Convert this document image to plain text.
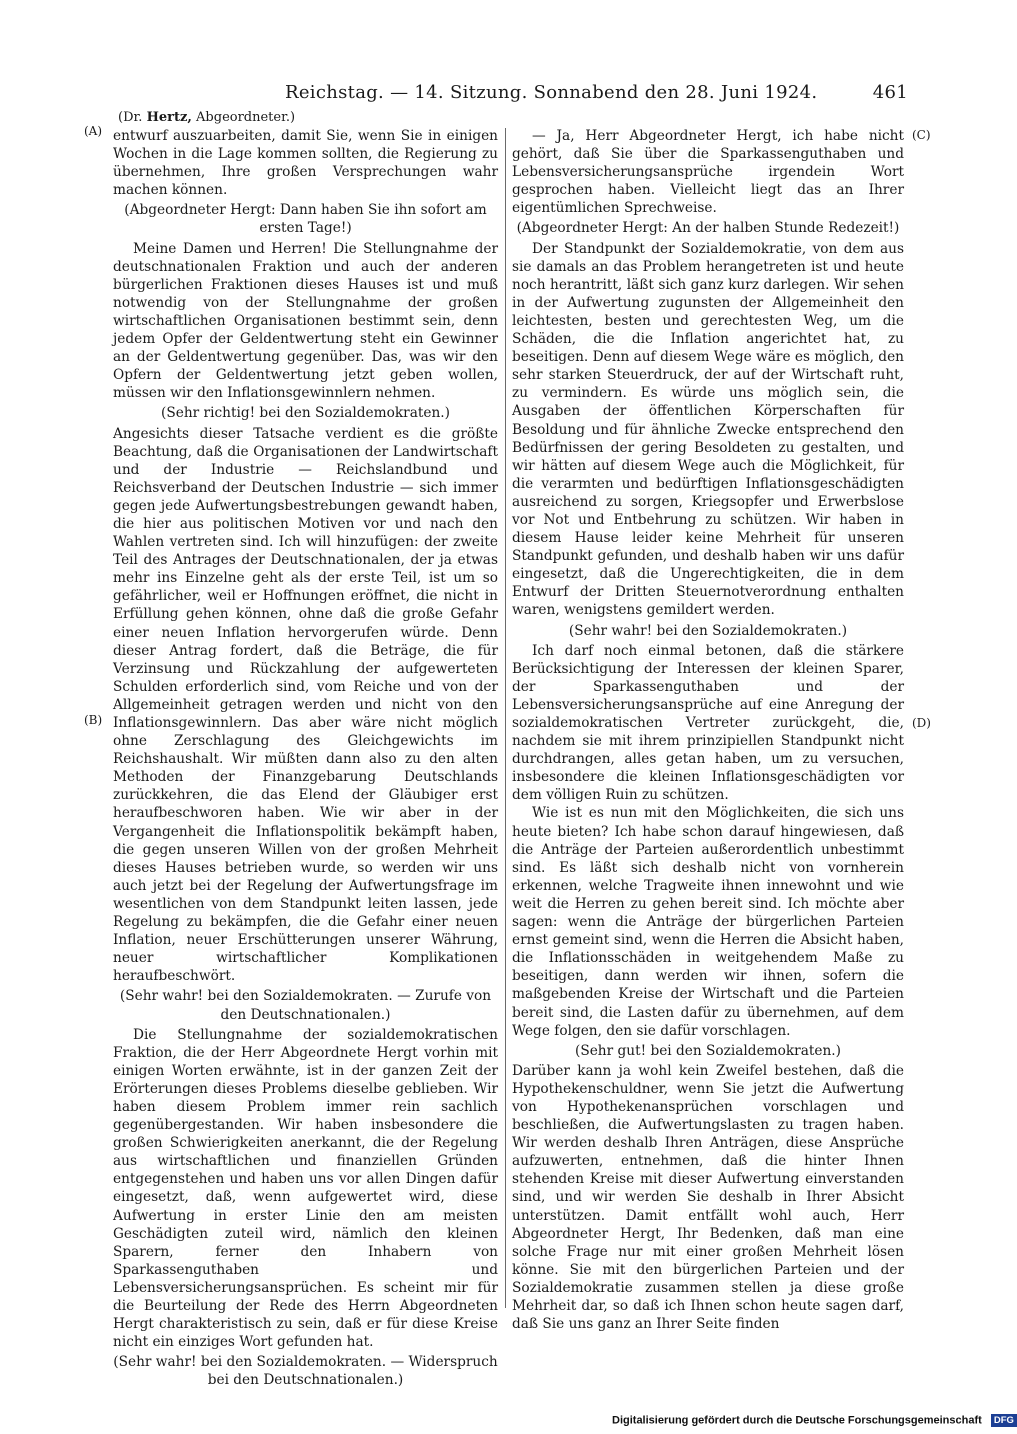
Reichstag. — 14. Sitzung. Sonnabend den 28. Juni 1924.	461
(Dr. Hertz, Abgeordneter.)
(A)
(B)
(C)
(D)

entwurf auszuarbeiten, damit Sie, wenn Sie in einigen Wochen in die Lage kommen sollten, die Regierung zu übernehmen, Ihre großen Versprechungen wahr machen können.

(Abgeordneter Hergt: Dann haben Sie ihn sofort am ersten Tage!)

Meine Damen und Herren! Die Stellungnahme der deutschnationalen Fraktion und auch der anderen bürgerlichen Fraktionen dieses Hauses ist und muß notwendig von der Stellungnahme der großen wirtschaftlichen Organisationen bestimmt sein, denn jedem Opfer der Geldentwertung steht ein Gewinner an der Geldentwertung gegenüber. Das, was wir den Opfern der Geldentwertung jetzt geben wollen, müssen wir den Inflationsgewinnlern nehmen.

(Sehr richtig! bei den Sozialdemokraten.)

Angesichts dieser Tatsache verdient es die größte Beachtung, daß die Organisationen der Landwirtschaft und der Industrie — Reichslandbund und Reichsverband der Deutschen Industrie — sich immer gegen jede Aufwertungsbestrebungen gewandt haben, die hier aus politischen Motiven vor und nach den Wahlen vertreten sind. Ich will hinzufügen: der zweite Teil des Antrages der Deutschnationalen, der ja etwas mehr ins Einzelne geht als der erste Teil, ist um so gefährlicher, weil er Hoffnungen eröffnet, die nicht in Erfüllung gehen können, ohne daß die große Gefahr einer neuen Inflation hervorgerufen würde. Denn dieser Antrag fordert, daß die Beträge, die für Verzinsung und Rückzahlung der aufgewerteten Schulden erforderlich sind, vom Reiche und von der Allgemeinheit getragen werden und nicht von den Inflationsgewinnlern. Das aber wäre nicht möglich ohne Zerschlagung des Gleichgewichts im Reichshaushalt. Wir müßten dann also zu den alten Methoden der Finanzgebarung Deutschlands zurückkehren, die das Elend der Gläubiger erst heraufbeschworen haben. Wie wir aber in der Vergangenheit die Inflationspolitik bekämpft haben, die gegen unseren Willen von der großen Mehrheit dieses Hauses betrieben wurde, so werden wir uns auch jetzt bei der Regelung der Aufwertungsfrage im wesentlichen von dem Standpunkt leiten lassen, jede Regelung zu bekämpfen, die die Gefahr einer neuen Inflation, neuer Erschütterungen unserer Währung, neuer wirtschaftlicher Komplikationen heraufbeschwört.

(Sehr wahr! bei den Sozialdemokraten. — Zurufe von den Deutschnationalen.)

Die Stellungnahme der sozialdemokratischen Fraktion, die der Herr Abgeordnete Hergt vorhin mit einigen Worten erwähnte, ist in der ganzen Zeit der Erörterungen dieses Problems dieselbe geblieben. Wir haben diesem Problem immer rein sachlich gegenübergestanden. Wir haben insbesondere die großen Schwierigkeiten anerkannt, die der Regelung aus wirtschaftlichen und finanziellen Gründen entgegenstehen und haben uns vor allen Dingen dafür eingesetzt, daß, wenn aufgewertet wird, diese Aufwertung in erster Linie den am meisten Geschädigten zuteil wird, nämlich den kleinen Sparern, ferner den Inhabern von Sparkassenguthaben und Lebensversicherungsansprüchen. Es scheint mir für die Beurteilung der Rede des Herrn Abgeordneten Hergt charakteristisch zu sein, daß er für diese Kreise nicht ein einziges Wort gefunden hat.

(Sehr wahr! bei den Sozialdemokraten. — Widerspruch bei den Deutschnationalen.)

— Ja, Herr Abgeordneter Hergt, ich habe nicht gehört, daß Sie über die Sparkassenguthaben und Lebensversicherungsansprüche irgendein Wort gesprochen haben. Vielleicht liegt das an Ihrer eigentümlichen Sprechweise.

(Abgeordneter Hergt: An der halben Stunde Redezeit!)

Der Standpunkt der Sozialdemokratie, von dem aus sie damals an das Problem herangetreten ist und heute noch herantritt, läßt sich ganz kurz darlegen. Wir sehen in der Aufwertung zugunsten der Allgemeinheit den leichtesten, besten und gerechtesten Weg, um die Schäden, die die Inflation angerichtet hat, zu beseitigen. Denn auf diesem Wege wäre es möglich, den sehr starken Steuerdruck, der auf der Wirtschaft ruht, zu vermindern. Es würde uns möglich sein, die Ausgaben der öffentlichen Körperschaften für Besoldung und für ähnliche Zwecke entsprechend den Bedürfnissen der gering Besoldeten zu gestalten, und wir hätten auf diesem Wege auch die Möglichkeit, für die verarmten und bedürftigen Inflationsgeschädigten ausreichend zu sorgen, Kriegsopfer und Erwerbslose vor Not und Entbehrung zu schützen. Wir haben in diesem Hause leider keine Mehrheit für unseren Standpunkt gefunden, und deshalb haben wir uns dafür eingesetzt, daß die Ungerechtigkeiten, die in dem Entwurf der Dritten Steuernotverordnung enthalten waren, wenigstens gemildert werden.

(Sehr wahr! bei den Sozialdemokraten.)

Ich darf noch einmal betonen, daß die stärkere Berücksichtigung der Interessen der kleinen Sparer, der Sparkassenguthaben und der Lebensversicherungsansprüche auf eine Anregung der sozialdemokratischen Vertreter zurückgeht, die, nachdem sie mit ihrem prinzipiellen Standpunkt nicht durchdrangen, alles getan haben, um zu versuchen, insbesondere die kleinen Inflationsgeschädigten vor dem völligen Ruin zu schützen.

Wie ist es nun mit den Möglichkeiten, die sich uns heute bieten? Ich habe schon darauf hingewiesen, daß die Anträge der Parteien außerordentlich unbestimmt sind. Es läßt sich deshalb nicht von vornherein erkennen, welche Tragweite ihnen innewohnt und wie weit die Herren zu gehen bereit sind. Ich möchte aber sagen: wenn die Anträge der bürgerlichen Parteien ernst gemeint sind, wenn die Herren die Absicht haben, die Inflationsschäden in weitgehendem Maße zu beseitigen, dann werden wir ihnen, sofern die maßgebenden Kreise der Wirtschaft und die Parteien bereit sind, die Lasten dafür zu übernehmen, auf dem Wege folgen, den sie dafür vorschlagen.

(Sehr gut! bei den Sozialdemokraten.)

Darüber kann ja wohl kein Zweifel bestehen, daß die Hypothekenschuldner, wenn Sie jetzt die Aufwertung von Hypothekenansprüchen vorschlagen und beschließen, die Aufwertungslasten zu tragen haben. Wir werden deshalb Ihren Anträgen, diese Ansprüche aufzuwerten, entnehmen, daß die hinter Ihnen stehenden Kreise mit dieser Aufwertung einverstanden sind, und wir werden Sie deshalb in Ihrer Absicht unterstützen. Damit entfällt wohl auch, Herr Abgeordneter Hergt, Ihr Bedenken, daß man eine solche Frage nur mit einer großen Mehrheit lösen könne. Sie mit den bürgerlichen Parteien und der Sozialdemokratie zusammen stellen ja diese große Mehrheit dar, so daß ich Ihnen schon heute sagen darf, daß Sie uns ganz an Ihrer Seite finden

Digitalisierung gefördert durch die Deutsche Forschungsgemeinschaft DFG
